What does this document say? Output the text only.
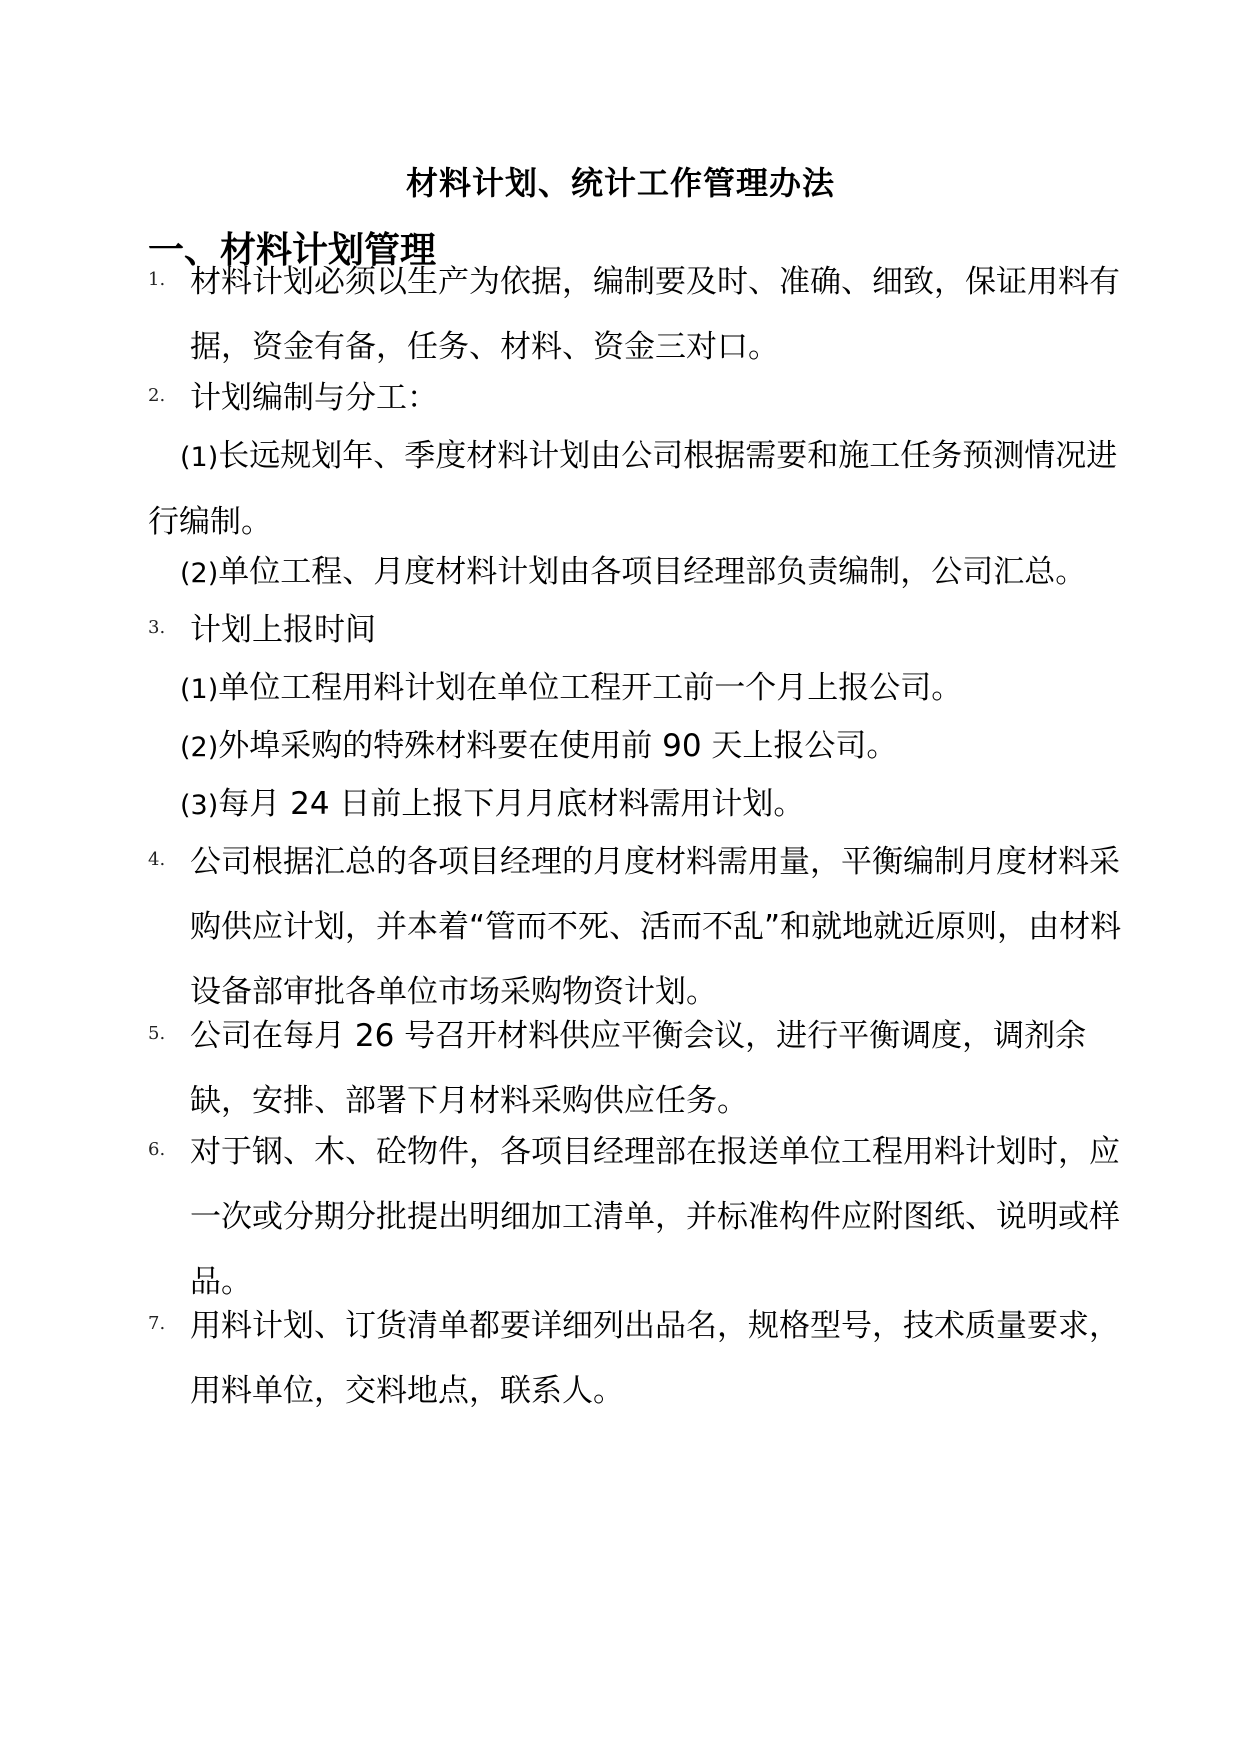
材料计划、统计工作管理办法
一、材料计划管理
1. 材料计划必须以生产为依据，编制要及时、准确、细致，保证用料有据，资金有备，任务、材料、资金三对口。
2. 计划编制与分工：
(1)长远规划年、季度材料计划由公司根据需要和施工任务预测情况进行编制。
(2)单位工程、月度材料计划由各项目经理部负责编制，公司汇总。
3. 计划上报时间
(1)单位工程用料计划在单位工程开工前一个月上报公司。
(2)外埠采购的特殊材料要在使用前 90 天上报公司。
(3)每月 24 日前上报下月月底材料需用计划。
4. 公司根据汇总的各项目经理的月度材料需用量，平衡编制月度材料采购供应计划，并本着“管而不死、活而不乱”和就地就近原则，由材料设备部审批各单位市场采购物资计划。
5. 公司在每月 26 号召开材料供应平衡会议，进行平衡调度，调剂余缺，安排、部署下月材料采购供应任务。
6. 对于钢、木、砼物件，各项目经理部在报送单位工程用料计划时，应一次或分期分批提出明细加工清单，并标准构件应附图纸、说明或样品。
7. 用料计划、订货清单都要详细列出品名，规格型号，技术质量要求，用料单位，交料地点，联系人。
